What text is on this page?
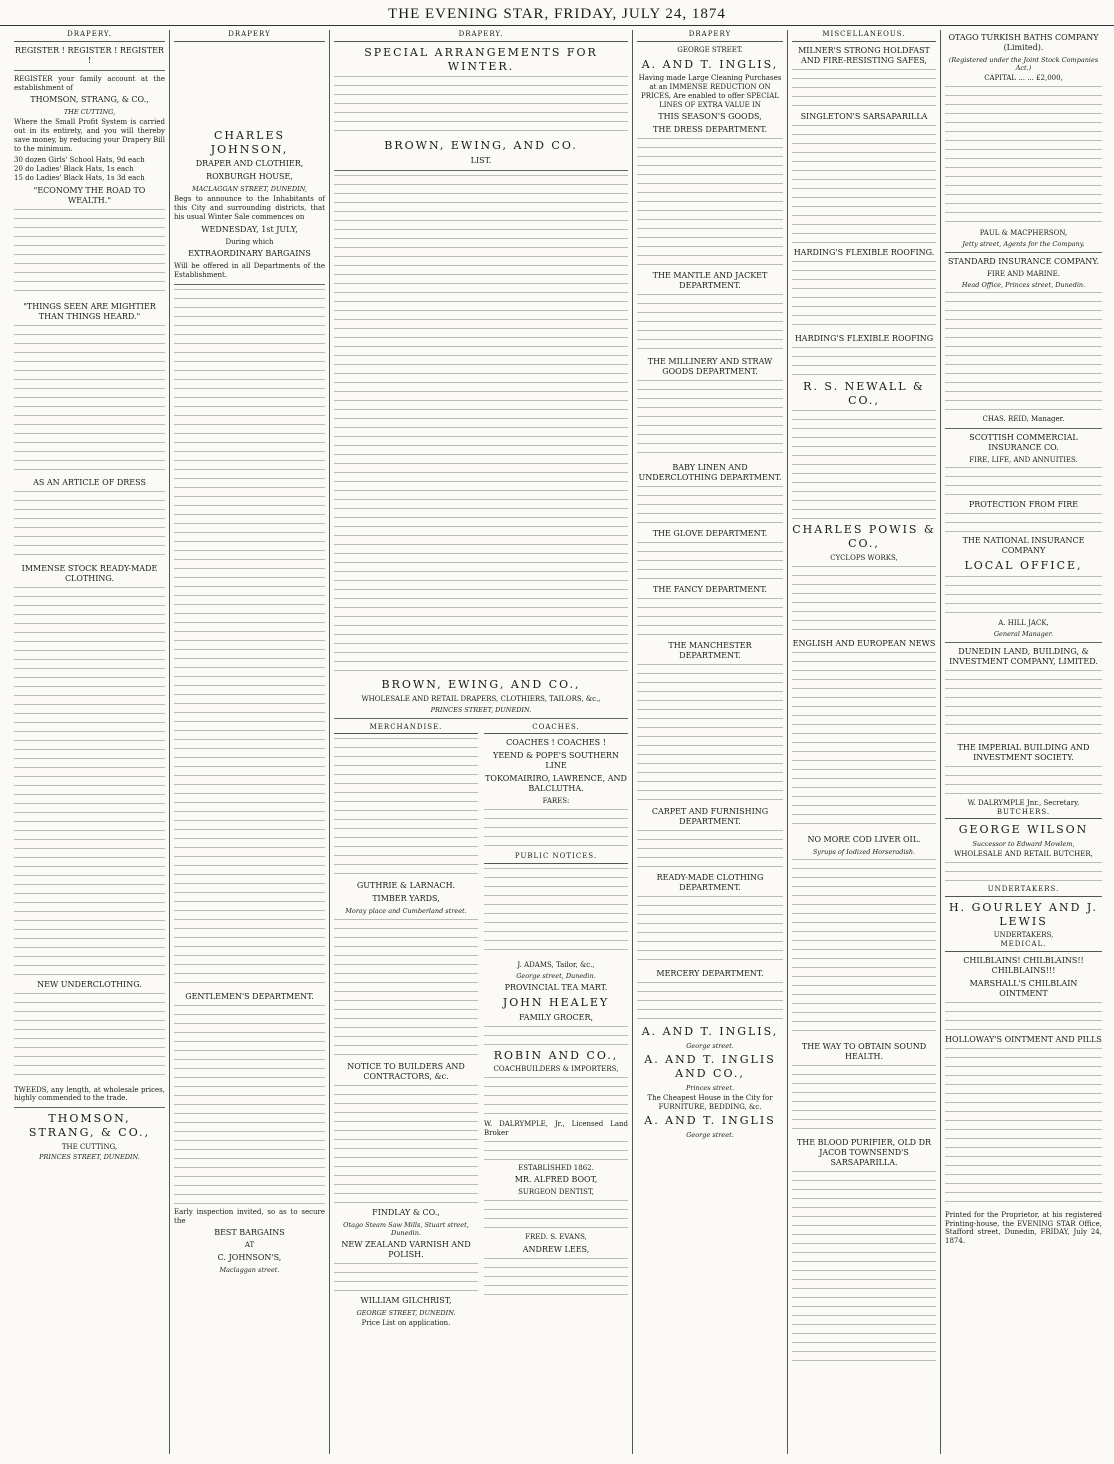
THE EVENING STAR, FRIDAY, JULY 24, 1874
DRAPERY.
REGISTER ! REGISTER ! REGISTER !

REGISTER your family account at the establishment of

THOMSON, STRANG, & CO.,
THE CUTTING,

Where the Small Profit System is carried out in its entirety, and you will thereby save money, by reducing your Drapery Bill to the minimum.

30 dozen Girls' School Hats, 9d each
20 do Ladies' Black Hats, 1s each
15 do Ladies' Black Hats, 1s 3d each

"ECONOMY THE ROAD TO WEALTH."
"THINGS SEEN ARE MIGHTIER THAN THINGS HEARD."
AS AN ARTICLE OF DRESS
IMMENSE STOCK READY-MADE CLOTHING.
NEW UNDERCLOTHING.

TWEEDS, any length, at wholesale prices, highly commended to the trade.

THOMSON, STRANG, & CO.,
THE CUTTING,
PRINCES STREET, DUNEDIN.
DRAPERY
CHARLES JOHNSON,
DRAPER AND CLOTHIER,
ROXBURGH HOUSE,
MACLAGGAN STREET, DUNEDIN,

Begs to announce to the Inhabitants of this City and surrounding districts, that his usual Winter Sale commences on

WEDNESDAY, 1st JULY,
During which
EXTRAORDINARY BARGAINS

Will be offered in all Departments of the Establishment.

GENTLEMEN'S DEPARTMENT.

Early inspection invited, so as to secure the

BEST BARGAINS
AT
C. JOHNSON'S,
Maclaggan street.
DRAPERY.
SPECIAL ARRANGEMENTS FOR WINTER.
BROWN, EWING, AND CO.
LIST.
BROWN, EWING, AND CO.,
WHOLESALE AND RETAIL DRAPERS, CLOTHIERS, TAILORS, &c.,
PRINCES STREET, DUNEDIN.
MERCHANDISE.
GUTHRIE & LARNACH.
TIMBER YARDS,
Moray place and Cumberland street.
NOTICE TO BUILDERS AND CONTRACTORS, &c.
FINDLAY & CO.,
Otago Steam Saw Mills, Stuart street, Dunedin.
NEW ZEALAND VARNISH AND POLISH.
WILLIAM GILCHRIST,
GEORGE STREET, DUNEDIN.
Price List on application.
COACHES.
COACHES ! COACHES !
YEEND & POPE'S SOUTHERN LINE
TOKOMAIRIRO, LAWRENCE, AND BALCLUTHA.
FARES:
PUBLIC NOTICES.
J. ADAMS, Tailor, &c.,
George street, Dunedin.
PROVINCIAL TEA MART.
JOHN HEALEY
FAMILY GROCER,
ROBIN AND CO.,
COACHBUILDERS & IMPORTERS,

W. DALRYMPLE, Jr., Licensed Land Broker

ESTABLISHED 1862.
MR. ALFRED BOOT,
SURGEON DENTIST,
FRED. S. EVANS,
ANDREW LEES,
DRAPERY
GEORGE STREET.
A. AND T. INGLIS,

Having made Large Cleaning Purchases at an IMMENSE REDUCTION ON PRICES, Are enabled to offer SPECIAL LINES OF EXTRA VALUE IN

THIS SEASON'S GOODS,
THE DRESS DEPARTMENT.
THE MANTLE AND JACKET DEPARTMENT.
THE MILLINERY AND STRAW GOODS DEPARTMENT.
BABY LINEN AND UNDERCLOTHING DEPARTMENT.
THE GLOVE DEPARTMENT.
THE FANCY DEPARTMENT.
THE MANCHESTER DEPARTMENT.
CARPET AND FURNISHING DEPARTMENT.
READY-MADE CLOTHING DEPARTMENT.
MERCERY DEPARTMENT.
A. AND T. INGLIS,
George street.
A. AND T. INGLIS AND CO.,
Princes street.

The Cheapest House in the City for FURNITURE, BEDDING, &c.

A. AND T. INGLIS
George street.
MISCELLANEOUS.
MILNER'S STRONG HOLDFAST AND FIRE-RESISTING SAFES,
SINGLETON'S SARSAPARILLA
HARDING'S FLEXIBLE ROOFING.
HARDING'S FLEXIBLE ROOFING
R. S. NEWALL & CO.,
CHARLES POWIS & CO.,
CYCLOPS WORKS,
ENGLISH AND EUROPEAN NEWS
NO MORE COD LIVER OIL.
Syrups of Iodized Horseradish.
THE WAY TO OBTAIN SOUND HEALTH.
THE BLOOD PURIFIER, OLD DR JACOB TOWNSEND'S SARSAPARILLA.
OTAGO TURKISH BATHS COMPANY (Limited).
(Registered under the Joint Stock Companies Act.)
CAPITAL ... ... £2,000,
PAUL & MACPHERSON,
Jetty street, Agents for the Company.
STANDARD INSURANCE COMPANY.
FIRE AND MARINE.
Head Office, Princes street, Dunedin.
CHAS. REID, Manager.
SCOTTISH COMMERCIAL INSURANCE CO.
FIRE, LIFE, AND ANNUITIES.
PROTECTION FROM FIRE
THE NATIONAL INSURANCE COMPANY
LOCAL OFFICE,
A. HILL JACK,
General Manager.
DUNEDIN LAND, BUILDING, & INVESTMENT COMPANY, LIMITED.
THE IMPERIAL BUILDING AND INVESTMENT SOCIETY.
W. DALRYMPLE Jnr., Secretary.
BUTCHERS.
GEORGE WILSON
Successor to Edward Mowlem,
WHOLESALE AND RETAIL BUTCHER,
UNDERTAKERS.
H. GOURLEY AND J. LEWIS
UNDERTAKERS,
MEDICAL.
CHILBLAINS! CHILBLAINS!! CHILBLAINS!!!
MARSHALL'S CHILBLAIN OINTMENT
HOLLOWAY'S OINTMENT AND PILLS

Printed for the Proprietor, at his registered Printing-house, the EVENING STAR Office, Stafford street, Dunedin, FRIDAY, July 24, 1874.
